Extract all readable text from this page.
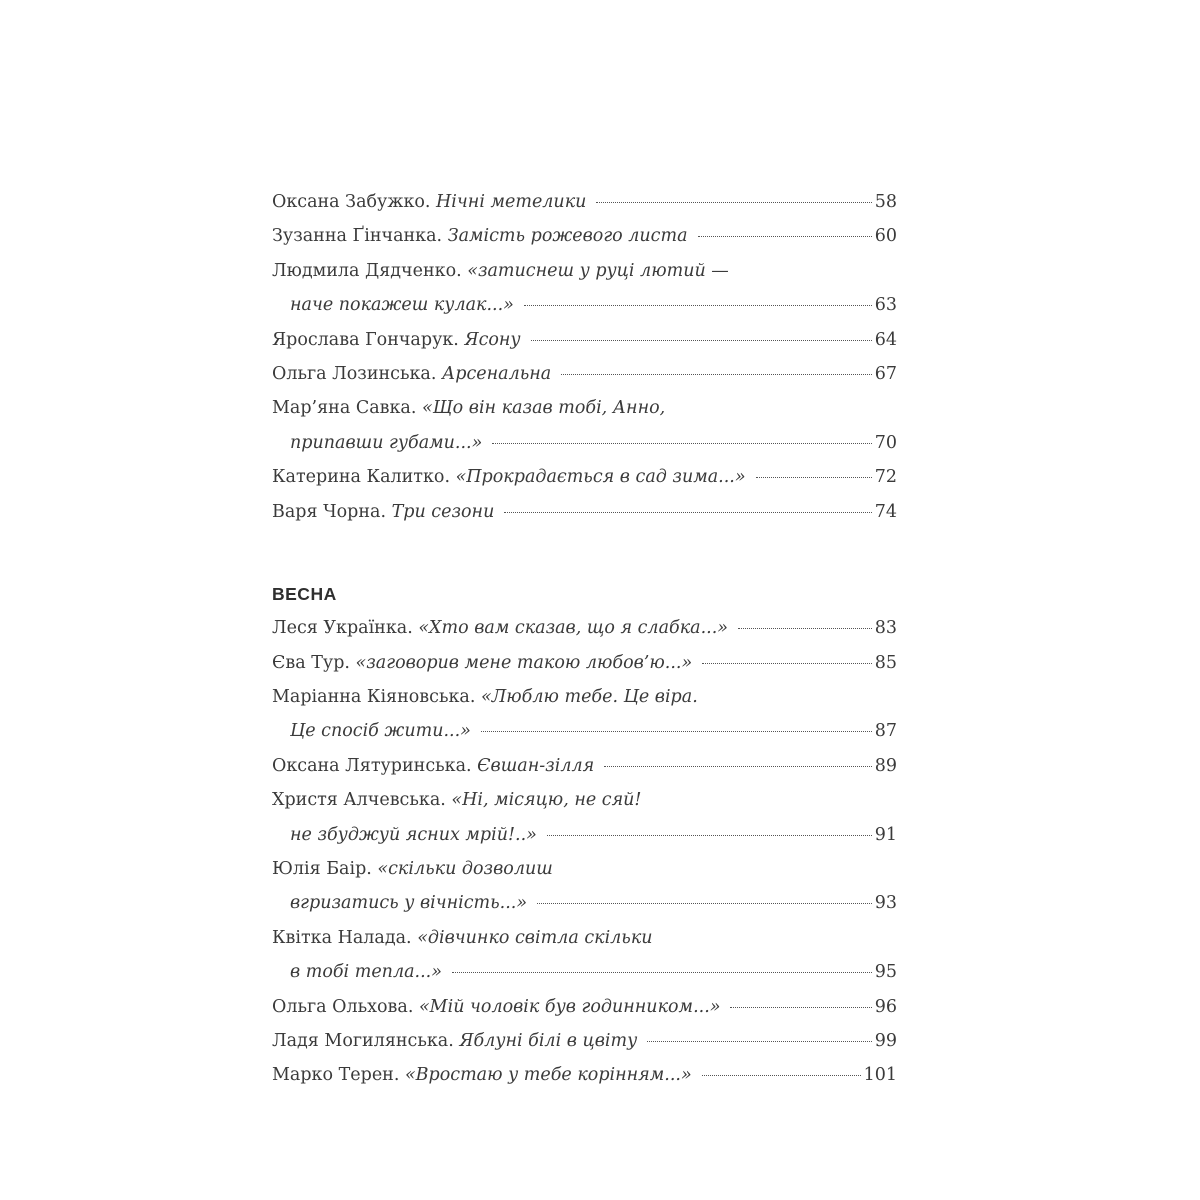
Оксана Забужко. Нічні метелики	58
Зузанна Ґінчанка. Замість рожевого листа	60
Людмила Дядченко. «затиснеш у руці лютий —
наче покажеш кулак...»	63
Ярослава Гончарук. Ясону	64
Ольга Лозинська. Арсенальна	67
Мар’яна Савка. «Що він казав тобі, Анно,
припавши губами...»	70
Катерина Калитко. «Прокрадається в сад зима...»	72
Варя Чорна. Три сезони	74
ВЕСНА
Леся Українка. «Хто вам сказав, що я слабка...»	83
Єва Тур. «заговорив мене такою любов’ю...»	85
Маріанна Кіяновська. «Люблю тебе. Це віра.
Це спосіб жити...»	87
Оксана Лятуринська. Євшан-зілля	89
Христя Алчевська. «Ні, місяцю, не сяй!
не збуджуй ясних мрій!..»	91
Юлія Баір. «скільки дозволиш
вгризатись у вічність...»	93
Квітка Налада. «дівчинко світла скільки
в тобі тепла...»	95
Ольга Ольхова. «Мій чоловік був годинником...»	96
Ладя Могилянська. Яблуні білі в цвіту	99
Марко Терен. «Вростаю у тебе корінням...»	101
